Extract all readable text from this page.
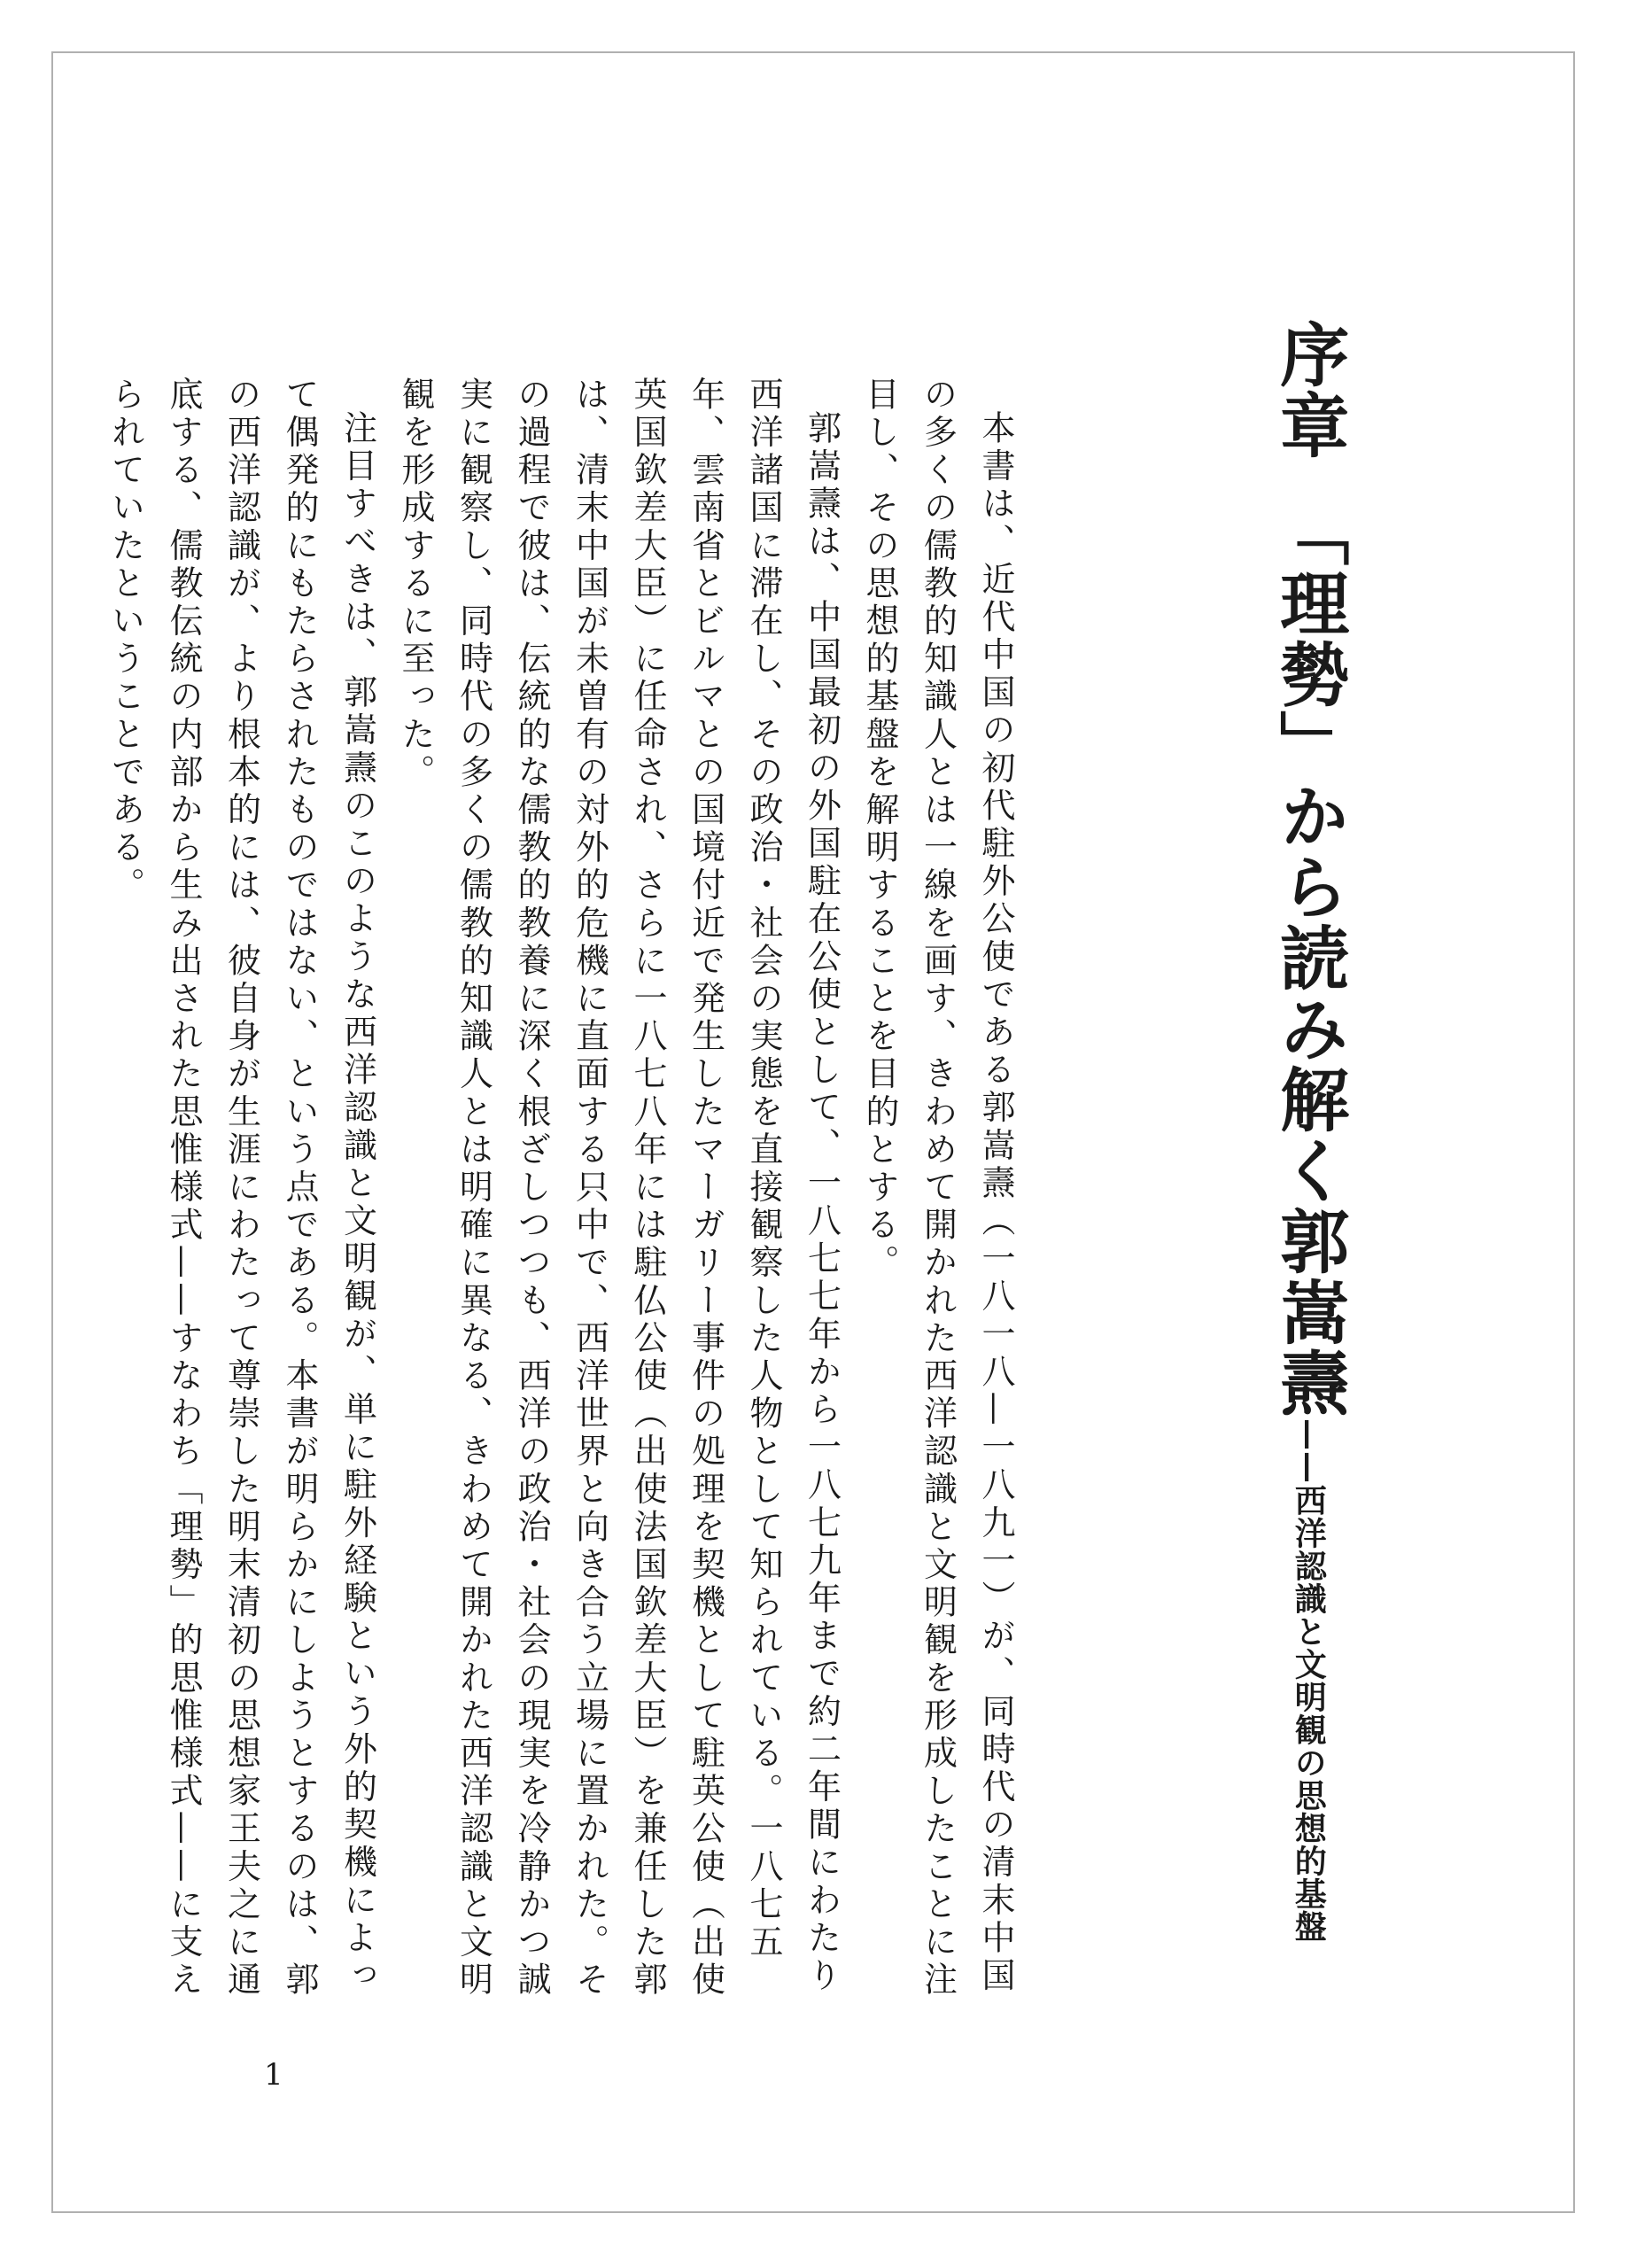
序章　「理勢」から読み解く郭嵩燾——西洋認識と文明観の思想的基盤

本書は、近代中国の初代駐外公使である郭嵩燾（一八一八—一八九一）が、同時代の清末中国の多くの儒教的知識人とは一線を画す、きわめて開かれた西洋認識と文明観を形成したことに注目し、その思想的基盤を解明することを目的とする。

郭嵩燾は、中国最初の外国駐在公使として、一八七七年から一八七九年まで約二年間にわたり西洋諸国に滞在し、その政治・社会の実態を直接観察した人物として知られている。一八七五年、雲南省とビルマとの国境付近で発生したマーガリー事件の処理を契機として駐英公使（出使英国欽差大臣）に任命され、さらに一八七八年には駐仏公使（出使法国欽差大臣）を兼任した郭は、清末中国が未曽有の対外的危機に直面する只中で、西洋世界と向き合う立場に置かれた。その過程で彼は、伝統的な儒教的教養に深く根ざしつつも、西洋の政治・社会の現実を冷静かつ誠実に観察し、同時代の多くの儒教的知識人とは明確に異なる、きわめて開かれた西洋認識と文明観を形成するに至った。

注目すべきは、郭嵩燾のこのような西洋認識と文明観が、単に駐外経験という外的契機によって偶発的にもたらされたものではない、という点である。本書が明らかにしようとするのは、郭の西洋認識が、より根本的には、彼自身が生涯にわたって尊崇した明末清初の思想家王夫之に通底する、儒教伝統の内部から生み出された思惟様式——すなわち「理勢」的思惟様式——に支えられていたということである。

1
